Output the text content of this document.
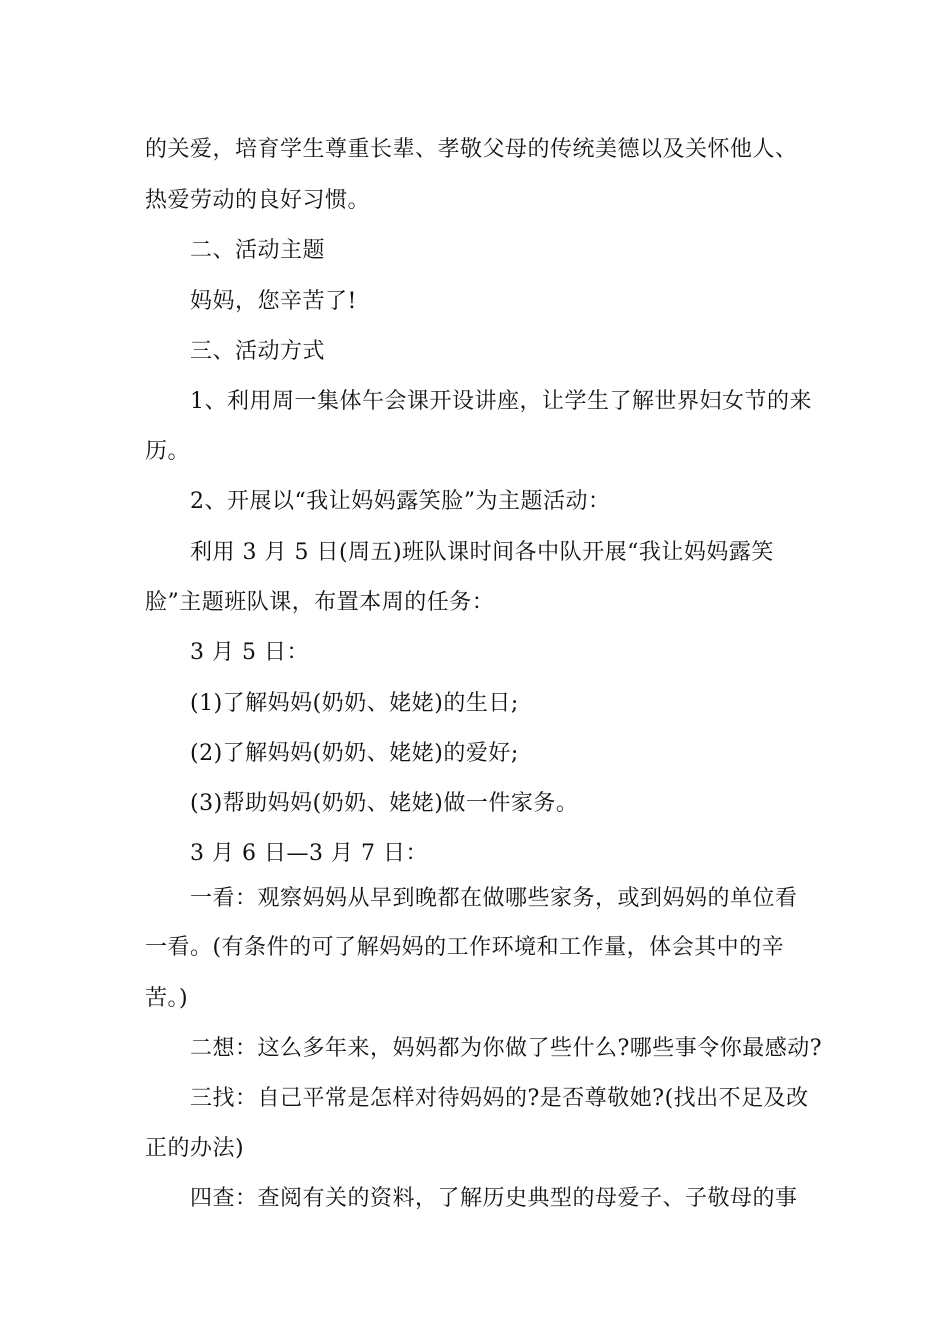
的关爱，培育学生尊重长辈、孝敬父母的传统美德以及关怀他人、
热爱劳动的良好习惯。
二、活动主题
妈妈，您辛苦了!
三、活动方式
1、利用周一集体午会课开设讲座，让学生了解世界妇女节的来
历。
2、开展以“我让妈妈露笑脸”为主题活动：
利用 3 月 5 日(周五)班队课时间各中队开展“我让妈妈露笑
脸”主题班队课，布置本周的任务：
3 月 5 日：
(1)了解妈妈(奶奶、姥姥)的生日;
(2)了解妈妈(奶奶、姥姥)的爱好;
(3)帮助妈妈(奶奶、姥姥)做一件家务。
3 月 6 日—3 月 7 日：
一看：观察妈妈从早到晚都在做哪些家务，或到妈妈的单位看
一看。(有条件的可了解妈妈的工作环境和工作量，体会其中的辛
苦。)
二想：这么多年来，妈妈都为你做了些什么?哪些事令你最感动?
三找：自己平常是怎样对待妈妈的?是否尊敬她?(找出不足及改
正的办法)
四查：查阅有关的资料，了解历史典型的母爱子、子敬母的事
